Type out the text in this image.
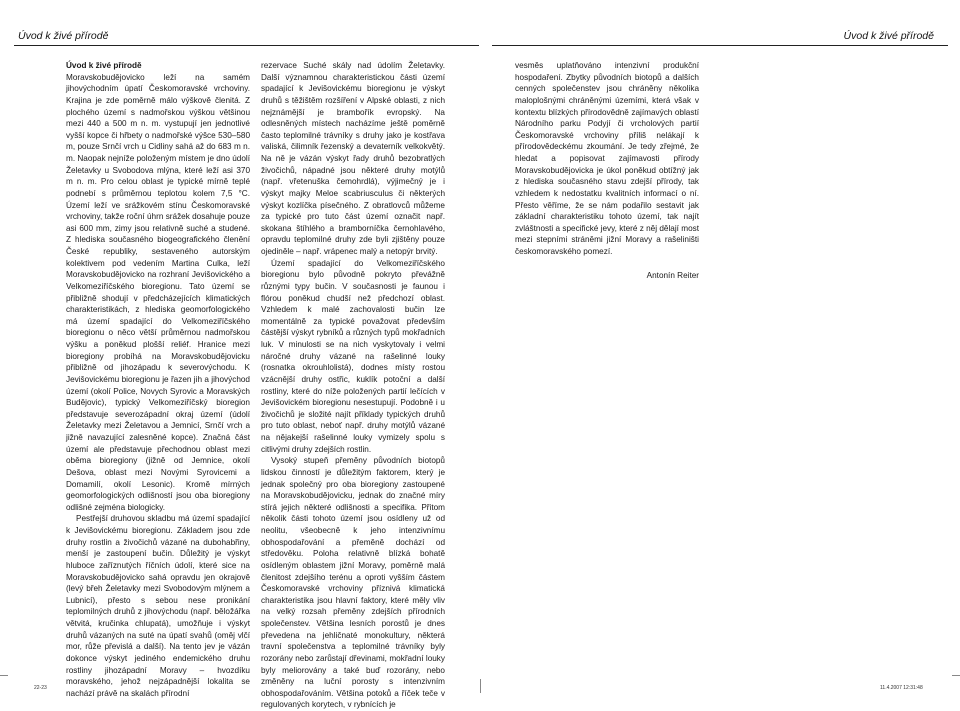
Úvod k živé přírodě	Úvod k živé přírodě

Úvod k živé přírodě
Moravskobudějovicko leží na samém jihovýchodním úpatí Českomoravské vrchoviny. Krajina je zde poměrně málo výškově členitá. Z plochého území s nadmořskou výškou většinou mezi 440 a 500 m n. m. vystupují jen jednotlivé vyšší kopce či hřbety o nadmořské výšce 530–580 m, pouze Srnčí vrch u Cidliny sahá až do 683 m n. m. Naopak nejníže položeným místem je dno údolí Želetavky u Svobodova mlýna, které leží asi 370 m n. m. Pro celou oblast je typické mírně teplé podnebí s průměrnou teplotou kolem 7,5 °C. Území leží ve srážkovém stínu Českomoravské vrchoviny, takže roční úhrn srážek dosahuje pouze asi 600 mm, zimy jsou relativně suché a studené. Z hlediska současného biogeografického členění České republiky, sestaveného autorským kolektivem pod vedením Martina Culka, leží Moravskobudějovicko na rozhraní Jevišovického a Velkomeziříčského bioregionu. Tato území se přibližně shodují v předcházejících klimatických charakteristikách, z hlediska geomorfologického má území spadající do Velkomeziříčského bioregionu o něco větší průměrnou nadmořskou výšku a poněkud plošší reliéf. Hranice mezi bioregiony probíhá na Moravskobudějovicku přibližně od jihozápadu k severovýchodu. K Jevišovickému bioregionu je řazen jih a jihovýchod území (okolí Police, Novych Syrovic a Moravských Budějovic), typický Velkomeziříčský bioregion představuje severozápadní okraj území (údolí Želetavky mezi Želetavou a Jemnicí, Srnčí vrch a jižně navazující zalesněné kopce). Značná část území ale představuje přechodnou oblast mezi oběma bioregiony (jižně od Jemnice, okolí Dešova, oblast mezi Novými Syrovicemi a Domamilí, okolí Lesonic). Kromě mírných geomorfologických odlišností jsou oba bioregiony odlišné zejména biologicky.

Pestřejší druhovou skladbu má území spadající k Jevišovickému bioregionu. Základem jsou zde druhy rostlin a živočichů vázané na dubohabřiny, menší je zastoupení bučin. Důležitý je výskyt hluboce zaříznutých říčních údolí, které sice na Moravskobudějovicko sahá opravdu jen okrajově (levý břeh Želetavky mezi Svobodovým mlýnem a Lubnicí), přesto s sebou nese pronikání teplomilných druhů z jihovýchodu (např. běložářka větvitá, kručinka chlupatá), umožňuje i výskyt druhů vázaných na suté na úpatí svahů (oměj vlčí mor, růže převislá a další). Na tento jev je vázán dokonce výskyt jediného endemického druhu rostliny jihozápadní Moravy – hvozdíku moravského, jehož nejzápadnější lokalita se nachází právě na skalách přírodní

rezervace Suché skály nad údolím Želetavky. Další významnou charakteristickou části území spadající k Jevišovickému bioregionu je výskyt druhů s těžištěm rozšíření v Alpské oblasti, z nich nejznámější je brambořík evropský. Na odlesněných místech nacházíme ještě poměrně často teplomilné trávníky s druhy jako je kostřava valiská, čilimník řezenský a devaterník velkokvětý. Na ně je vázán výskyt řady druhů bezobratlých živočichů, nápadné jsou některé druhy motýlů (např. vřetenuška čemohrdlá), výjimečný je i výskyt majky Meloe scabriusculus či některých výskyt kozlíčka písečného. Z obratlovců můžeme za typické pro tuto část území označit např. skokana štíhlého a bramborníčka černohlavého, opravdu teplomilné druhy zde byli zjištěny pouze ojediněle – např. vrápenec malý a netopýr brvitý.

Území spadající do Velkomeziříčského bioregionu bylo původně pokryto převážně různými typy bučin. V současnosti je faunou i flórou poněkud chudší než předchozí oblast. Vzhledem k malé zachovalosti bučin lze momentálně za typické považovat především částější výskyt rybníků a různých typů mokřadních luk. V minulosti se na nich vyskytovaly i velmi náročné druhy vázané na rašelinné louky (rosnatka okrouhlolistá), dodnes místy rostou vzácnější druhy ostřic, kuklík potoční a další rostliny, které do níže položených partií lečících v Jevišovickém bioregionu nesestupují. Podobně i u živočichů je složité najít příklady typických druhů pro tuto oblast, neboť např. druhy motýlů vázané na nějakejší rašelinné louky vymizely spolu s citlivými druhy zdejších rostlin.

Vysoký stupeň přeměny původních biotopů lidskou činností je důležitým faktorem, který je jednak společný pro oba bioregiony zastoupené na Moravskobudějovicku, jednak do značné míry stírá jejich některé odlišnosti a specifika. Přitom několik části tohoto území jsou osídleny už od neolitu, všeobecně k jeho intenzivnímu obhospodařování a přeměně dochází od středověku. Poloha relativně blízká bohatě osídleným oblastem jižní Moravy, poměrně malá členitost zdejšího terénu a oproti vyšším částem Českomoravské vrchoviny příznivá klimatická charakteristika jsou hlavní faktory, které měly vliv na velký rozsah přeměny zdejších přírodních společenstev. Většina lesních porostů je dnes převedena na jehličnaté monokultury, některá travní společenstva a teplomilné trávníky byly rozorány nebo zarůstají dřevinami, mokřadní louky byly meliorovány a také buď rozorány, nebo změněny na luční porosty s intenzivním obhospodařováním. Většina potoků a říček teče v regulovaných korytech, v rybnících je

vesměs uplatňováno intenzivní produkční hospodaření. Zbytky původních biotopů a dalších cenných společenstev jsou chráněny několika maloplošnými chráněnými územími, která však v kontextu blízkých přírodovědně zajímavých oblastí Národního parku Podyjí či vrcholových partií Českomoravské vrchoviny příliš nelákají k přírodovědeckému zkoumání. Je tedy zřejmé, že hledat a popisovat zajímavosti přírody Moravskobudějovicka je úkol poněkud obtížný jak z hlediska současného stavu zdejší přírody, tak vzhledem k nedostatku kvalitních informací o ní. Přesto věříme, že se nám podařilo sestavit jak základní charakteristiku tohoto území, tak najít zvláštnosti a specifické jevy, které z něj dělají most mezi stepními stráněmi jižní Moravy a rašeliništi českomoravského pomezí.

Antonín Reiter

22-23	11.4.2007 12:31:48
